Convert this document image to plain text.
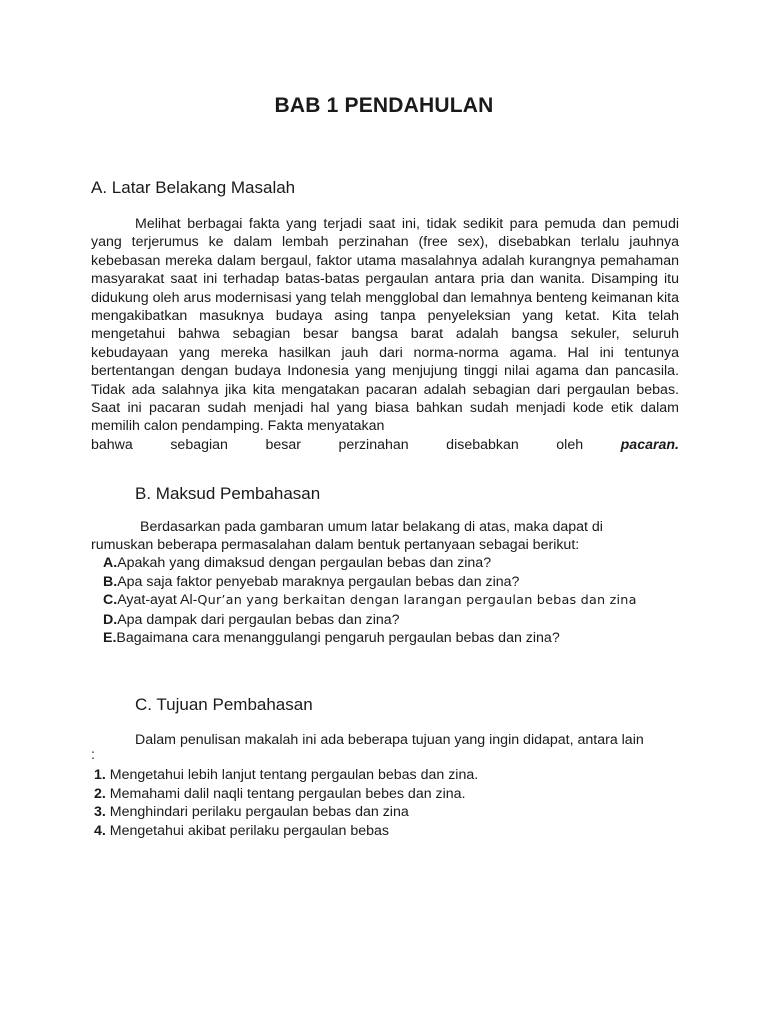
BAB 1 PENDAHULAN
A. Latar Belakang Masalah
Melihat berbagai fakta yang terjadi saat ini, tidak sedikit para pemuda dan pemudi yang terjerumus ke dalam lembah perzinahan (free sex), disebabkan terlalu jauhnya kebebasan mereka dalam bergaul, faktor utama masalahnya adalah kurangnya pemahaman masyarakat saat ini terhadap batas-batas pergaulan antara pria dan wanita. Disamping itu didukung oleh arus modernisasi yang telah mengglobal dan lemahnya benteng keimanan kita mengakibatkan masuknya budaya asing tanpa penyeleksian yang ketat. Kita telah mengetahui bahwa sebagian besar bangsa barat adalah bangsa sekuler, seluruh kebudayaan yang mereka hasilkan jauh dari norma-norma agama. Hal ini tentunya bertentangan dengan budaya Indonesia yang menjujung tinggi nilai agama dan pancasila. Tidak ada salahnya jika kita mengatakan pacaran adalah sebagian dari pergaulan bebas. Saat ini pacaran sudah menjadi hal yang biasa bahkan sudah menjadi kode etik dalam memilih calon pendamping. Fakta menyatakan
bahwa sebagian besar perzinahan disebabkan oleh	pacaran.
B. Maksud Pembahasan
Berdasarkan pada gambaran umum latar belakang di atas, maka dapat di
rumuskan beberapa permasalahan dalam bentuk pertanyaan sebagai berikut:
A.Apakah yang dimaksud dengan pergaulan bebas dan zina?
B.Apa saja faktor penyebab maraknya pergaulan bebas dan zina?
C.Ayat-ayat Al-Qur’an yang berkaitan dengan larangan pergaulan bebas dan zina
D.Apa dampak dari pergaulan bebas dan zina?
E.Bagaimana cara menanggulangi pengaruh pergaulan bebas dan zina?
C. Tujuan Pembahasan
Dalam penulisan makalah ini ada beberapa tujuan yang ingin didapat, antara lain
:
1. Mengetahui lebih lanjut tentang pergaulan bebas dan zina.
2. Memahami dalil naqli tentang pergaulan bebes dan zina.
3. Menghindari perilaku pergaulan bebas dan zina
4. Mengetahui akibat perilaku pergaulan bebas
